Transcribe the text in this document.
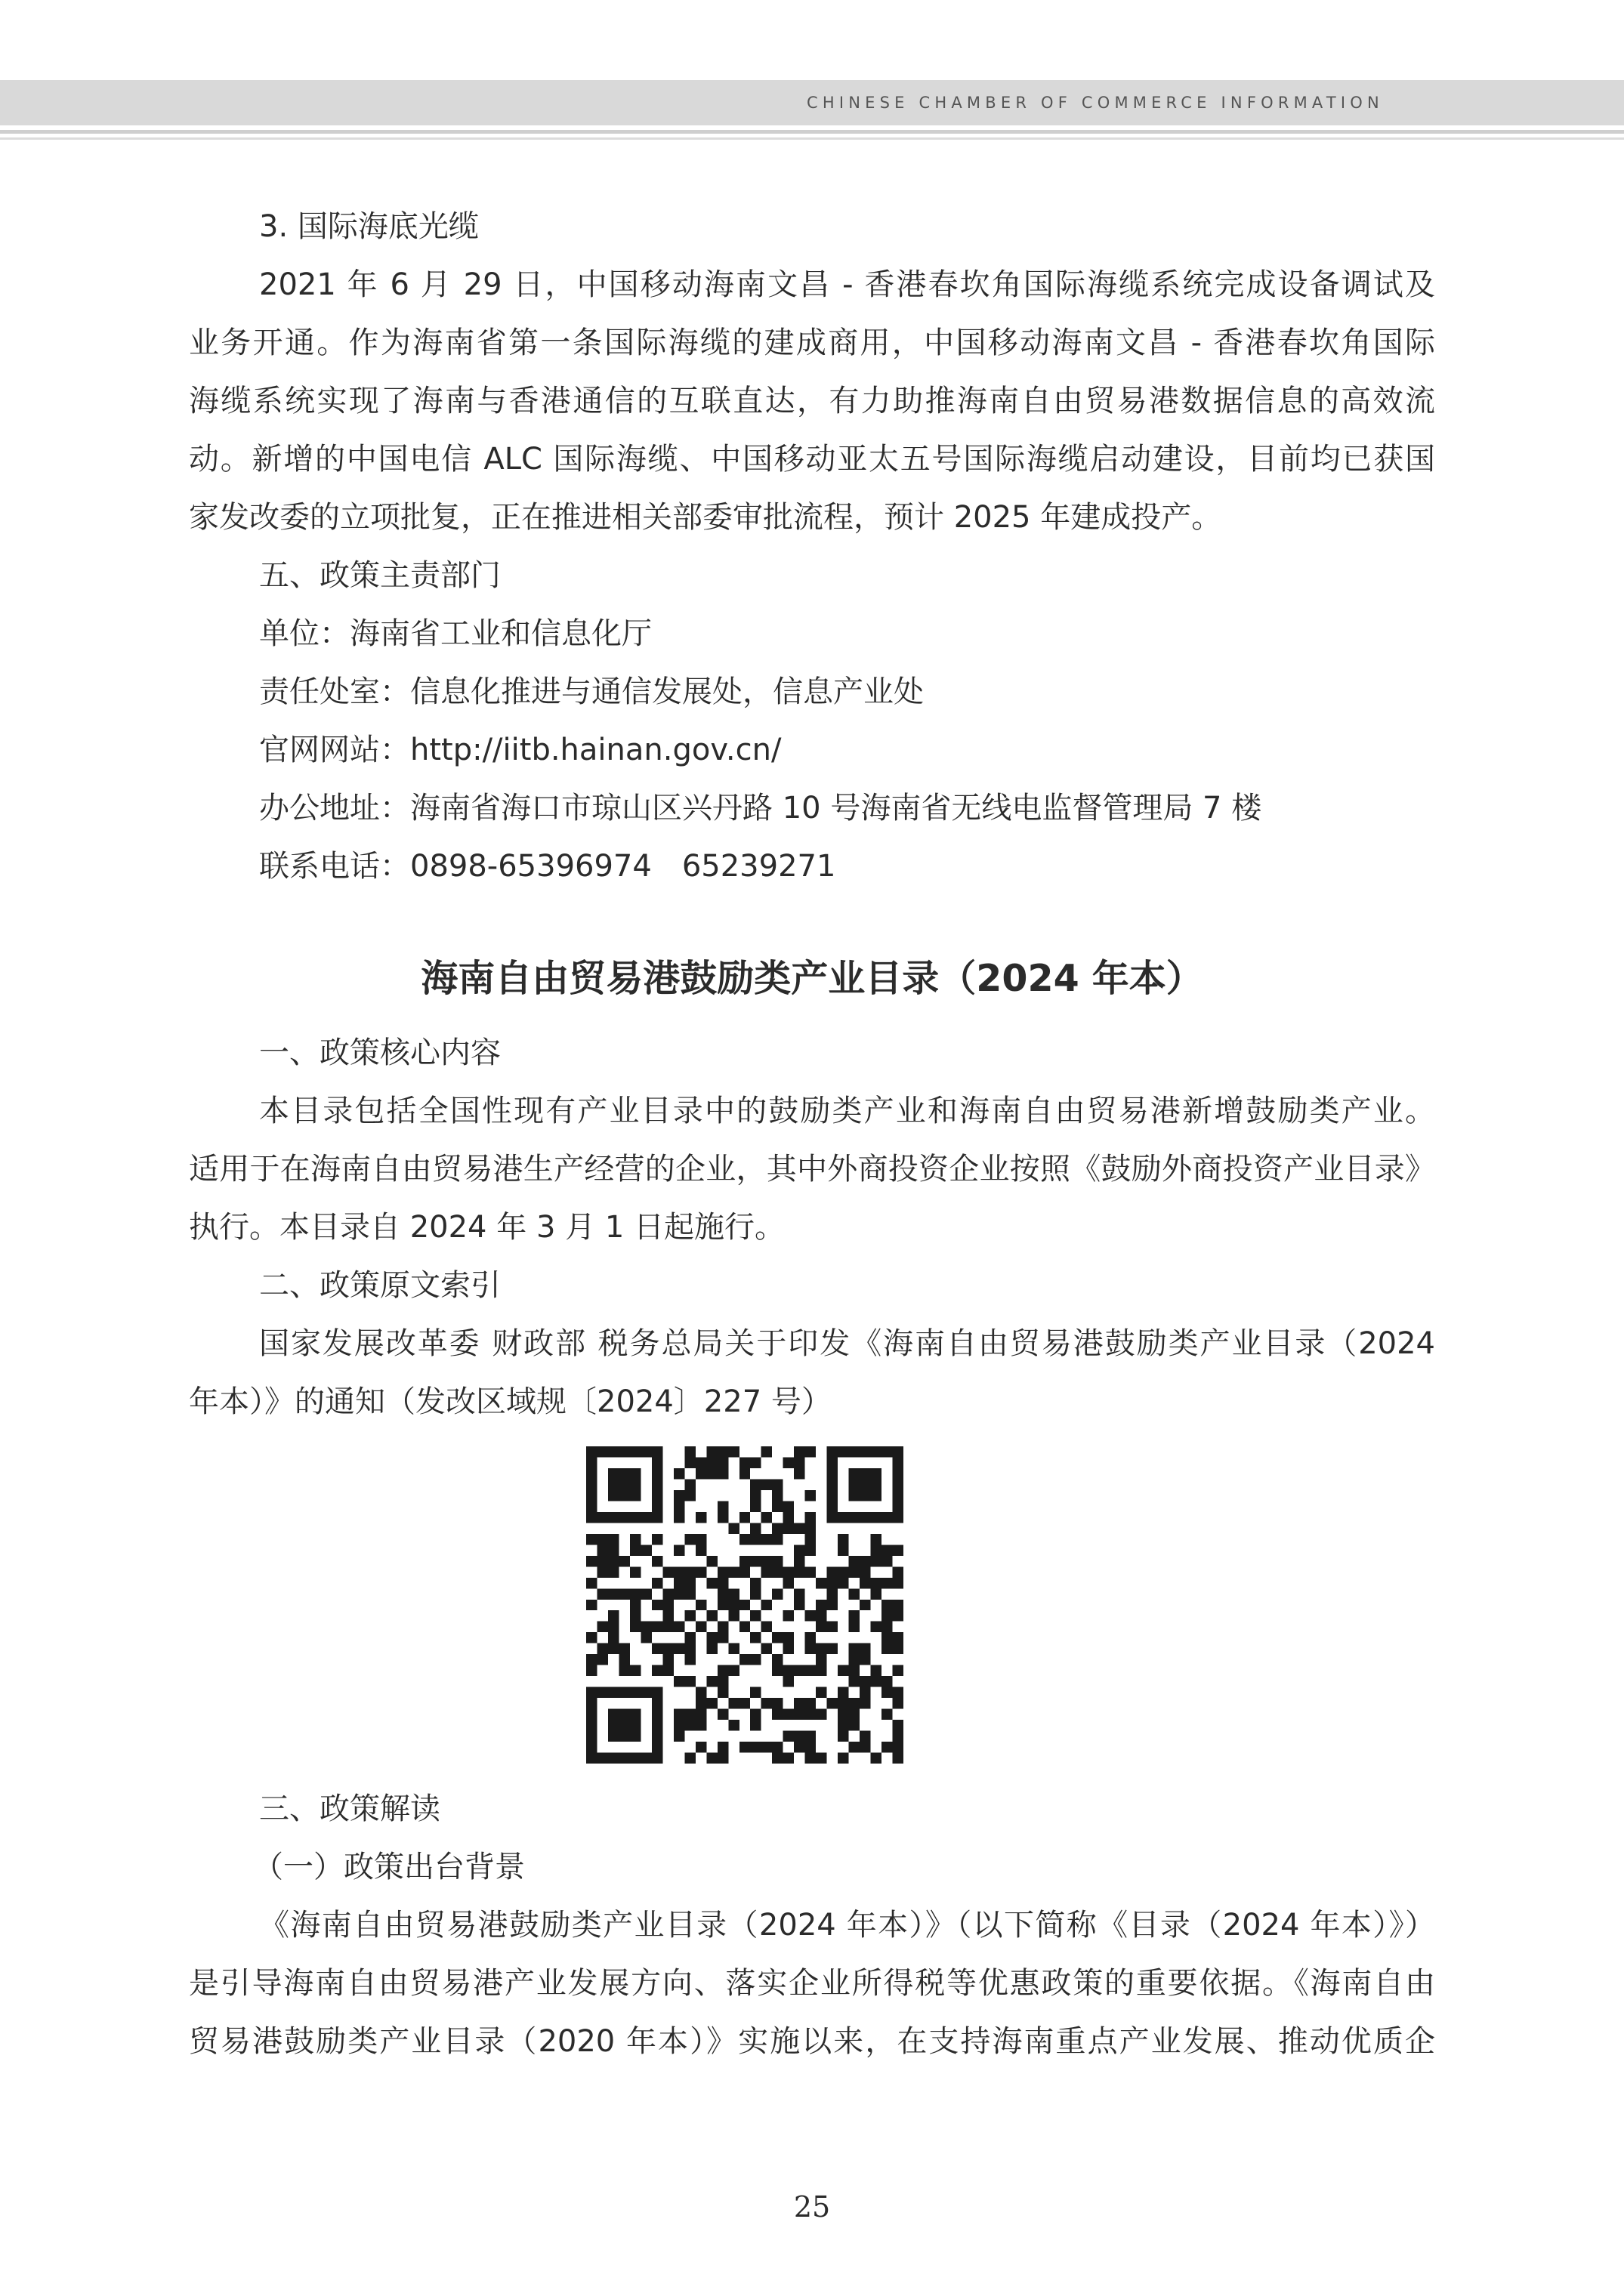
CHINESE CHAMBER OF COMMERCE INFORMATION

3. 国际海底光缆

2021 年 6 月 29 日，中国移动海南文昌 - 香港春坎角国际海缆系统完成设备调试及

业务开通。作为海南省第一条国际海缆的建成商用，中国移动海南文昌 - 香港春坎角国际

海缆系统实现了海南与香港通信的互联直达，有力助推海南自由贸易港数据信息的高效流

动。新增的中国电信 ALC 国际海缆、中国移动亚太五号国际海缆启动建设，目前均已获国

家发改委的立项批复，正在推进相关部委审批流程，预计 2025 年建成投产。

五、政策主责部门

单位：海南省工业和信息化厅

责任处室：信息化推进与通信发展处，信息产业处

官网网站：http://iitb.hainan.gov.cn/

办公地址：海南省海口市琼山区兴丹路 10 号海南省无线电监督管理局 7 楼

联系电话：0898-65396974　65239271

海南自由贸易港鼓励类产业目录（2024 年本）

一、政策核心内容

本目录包括全国性现有产业目录中的鼓励类产业和海南自由贸易港新增鼓励类产业。

适用于在海南自由贸易港生产经营的企业，其中外商投资企业按照《鼓励外商投资产业目录》

执行。本目录自 2024 年 3 月 1 日起施行。

二、政策原文索引

国家发展改革委 财政部 税务总局关于印发《海南自由贸易港鼓励类产业目录（2024

年本）》的通知（发改区域规〔2024〕227 号）

三、政策解读

（一）政策出台背景

《海南自由贸易港鼓励类产业目录（2024 年本）》（以下简称《目录（2024 年本）》）

是引导海南自由贸易港产业发展方向、落实企业所得税等优惠政策的重要依据。《海南自由

贸易港鼓励类产业目录（2020 年本）》实施以来，在支持海南重点产业发展、推动优质企

25
